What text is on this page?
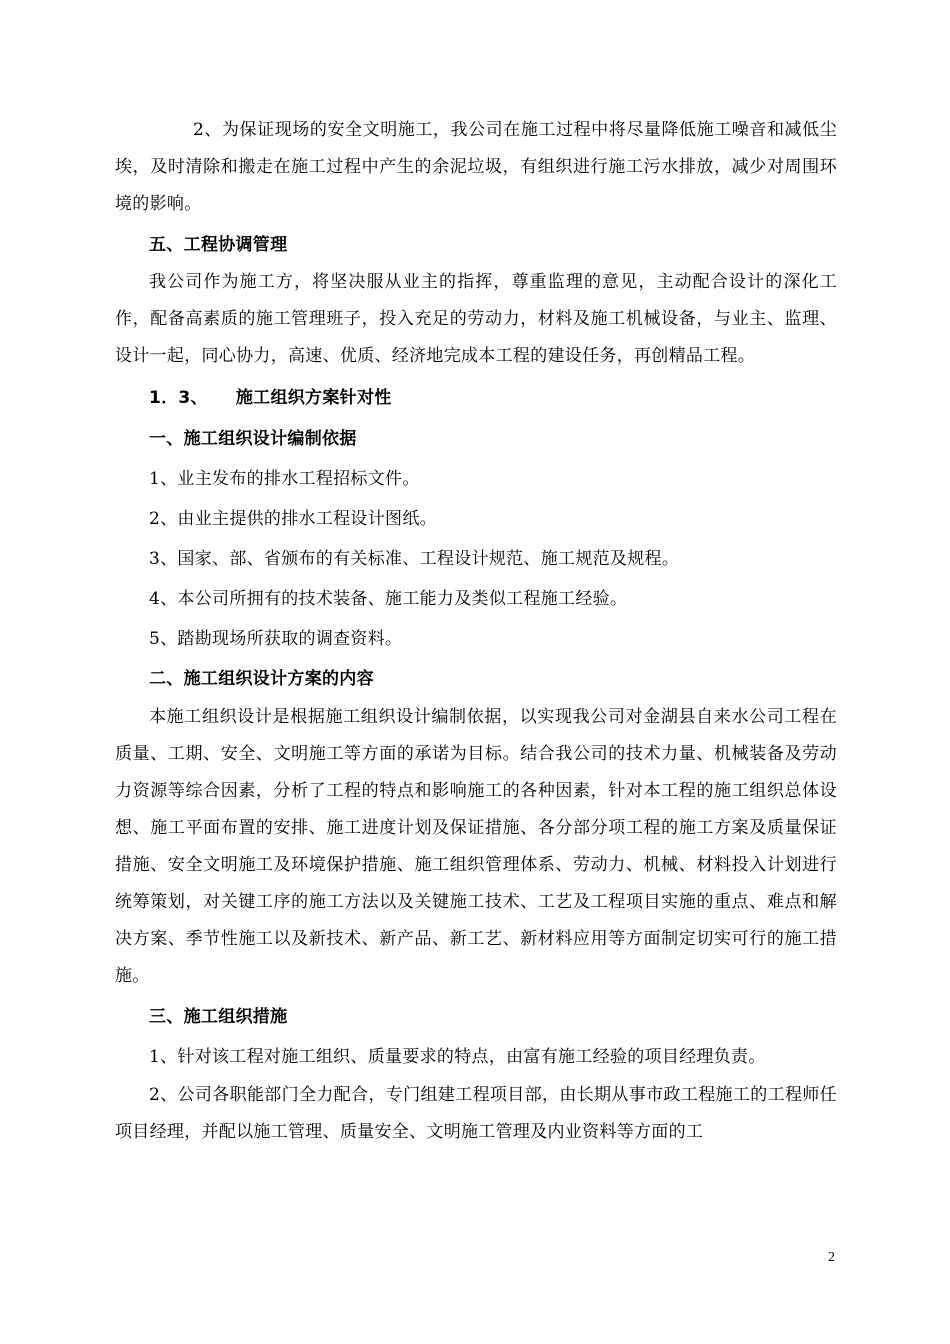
2、为保证现场的安全文明施工，我公司在施工过程中将尽量降低施工噪音和减低尘埃，及时清除和搬走在施工过程中产生的余泥垃圾，有组织进行施工污水排放，减少对周围环境的影响。

五、工程协调管理

我公司作为施工方，将坚决服从业主的指挥，尊重监理的意见，主动配合设计的深化工作，配备高素质的施工管理班子，投入充足的劳动力，材料及施工机械设备，与业主、监理、设计一起，同心协力，高速、优质、经济地完成本工程的建设任务，再创精品工程。

1．3、 施工组织方案针对性

一、施工组织设计编制依据

1、业主发布的排水工程招标文件。

2、由业主提供的排水工程设计图纸。

3、国家、部、省颁布的有关标准、工程设计规范、施工规范及规程。

4、本公司所拥有的技术装备、施工能力及类似工程施工经验。

5、踏勘现场所获取的调查资料。

二、施工组织设计方案的内容

本施工组织设计是根据施工组织设计编制依据，以实现我公司对金湖县自来水公司工程在质量、工期、安全、文明施工等方面的承诺为目标。结合我公司的技术力量、机械装备及劳动力资源等综合因素，分析了工程的特点和影响施工的各种因素，针对本工程的施工组织总体设想、施工平面布置的安排、施工进度计划及保证措施、各分部分项工程的施工方案及质量保证措施、安全文明施工及环境保护措施、施工组织管理体系、劳动力、机械、材料投入计划进行统筹策划，对关键工序的施工方法以及关键施工技术、工艺及工程项目实施的重点、难点和解决方案、季节性施工以及新技术、新产品、新工艺、新材料应用等方面制定切实可行的施工措施。

三、施工组织措施

1、针对该工程对施工组织、质量要求的特点，由富有施工经验的项目经理负责。

2、公司各职能部门全力配合，专门组建工程项目部，由长期从事市政工程施工的工程师任项目经理，并配以施工管理、质量安全、文明施工管理及内业资料等方面的工

2
